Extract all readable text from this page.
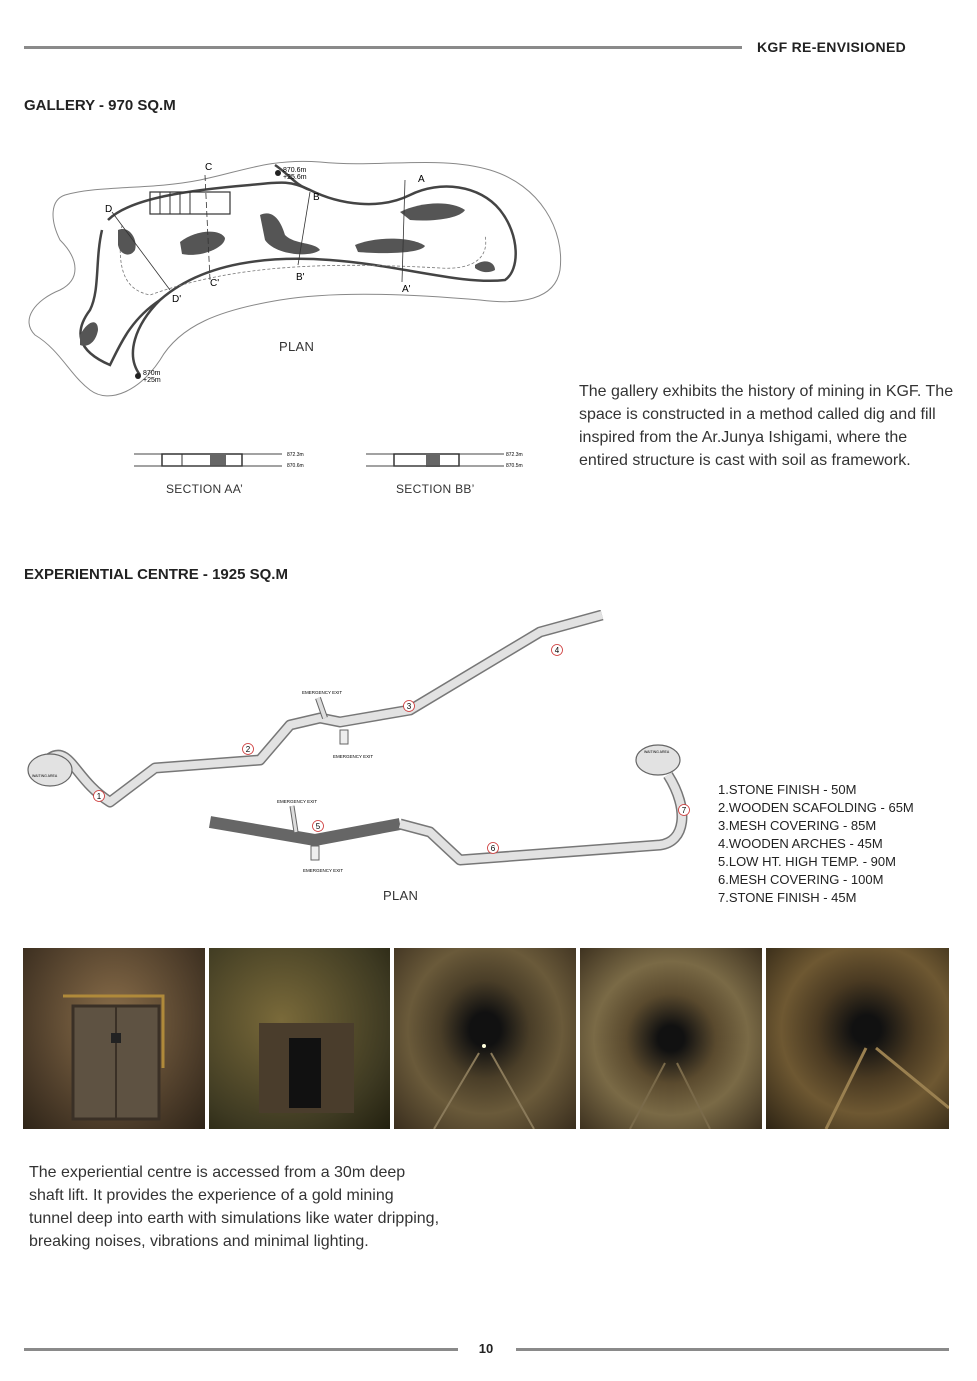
KGF RE-ENVISIONED
GALLERY - 970 SQ.M
C
C'
A
A'
B
B'
D
D'
870.6m
+25.6m
870m
+25m
PLAN
872.3m
870.6m
SECTION AA’
872.3m
870.5m
SECTION BB’
The gallery exhibits the history of mining in KGF. The space is constructed in a method called dig and fill inspired from the Ar.Junya Ishigami, where the entired structure is cast with soil as framework.
EXPERIENTIAL CENTRE - 1925 SQ.M
WAITING AREA
EMERGENCY EXIT
EMERGENCY EXIT
WAITING AREA
EMERGENCY EXIT
EMERGENCY EXIT
1
2
3
4
5
6
7
PLAN
1.STONE FINISH - 50M
2.WOODEN SCAFOLDING - 65M
3.MESH COVERING - 85M
4.WOODEN ARCHES - 45M
5.LOW HT. HIGH TEMP. - 90M
6.MESH COVERING - 100M
7.STONE FINISH - 45M
The experiential centre is accessed from a 30m deep shaft lift. It provides the experience of a gold mining tunnel deep into earth with simulations like water dripping, breaking noises, vibrations and minimal lighting.
10
